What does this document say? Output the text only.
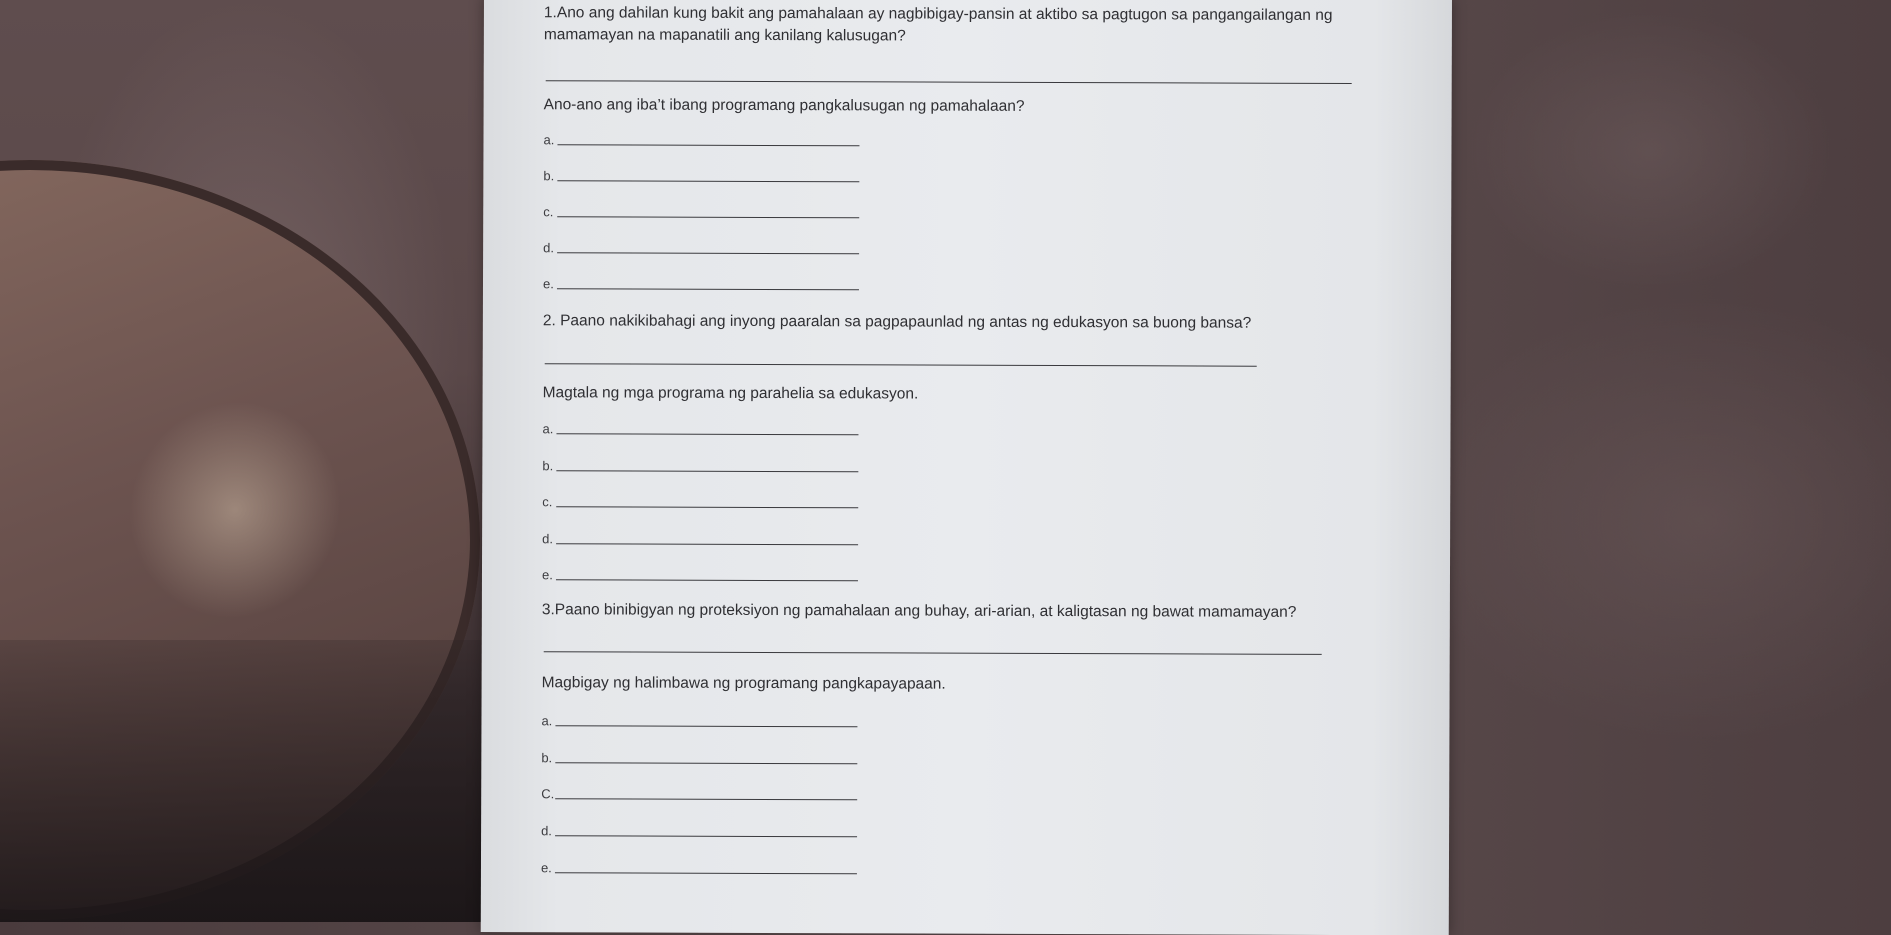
1.Ano ang dahilan kung bakit ang pamahalaan ay nagbibigay-pansin at aktibo sa pagtugon sa pangangailangan ng
mamamayan na mapanatili ang kanilang kalusugan?
Ano-ano ang iba’t ibang programang pangkalusugan ng pamahalaan?
a.
b.
c.
d.
e.
2. Paano nakikibahagi ang inyong paaralan sa pagpapaunlad ng antas ng edukasyon sa buong bansa?
Magtala ng mga programa ng parahelia sa edukasyon.
a.
b.
c.
d.
e.
3.Paano binibigyan ng proteksiyon ng pamahalaan ang buhay, ari-arian, at kaligtasan ng bawat mamamayan?
Magbigay ng halimbawa ng programang pangkapayapaan.
a.
b.
C.
d.
e.
